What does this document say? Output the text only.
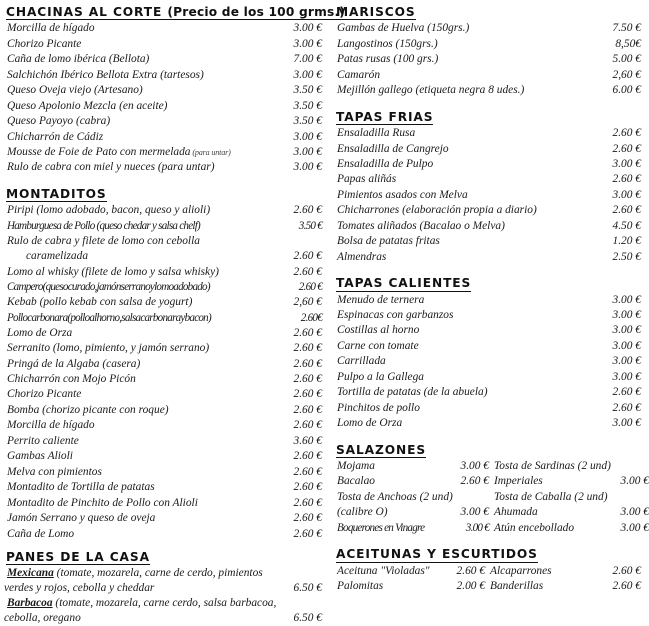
CHACINAS AL CORTE (Precio de los 100 grms.)
Morcilla de hígado	3.00 €
Chorizo Picante	3.00 €
Caña de lomo ibérica (Bellota)	7.00 €
Salchichón Ibérico Bellota Extra (tartesos)	3.00 €
Queso Oveja viejo (Artesano)	3.50 €
Queso Apolonio Mezcla (en aceite)	3.50 €
Queso Payoyo (cabra)	3.50 €
Chicharrón de Cádiz	3.00 €
Mousse de Foie de Pato con mermelada (para untar)	3.00 €
Rulo de cabra con miel y nueces (para untar)	3.00 €
MONTADITOS
Piripi (lomo adobado, bacon, queso y alioli)	2.60 €
Hamburguesa de Pollo (queso chedar y salsa chelf)	3.50 €
Rulo de cabra y filete de lomo con cebolla
caramelizada	2.60 €
Lomo al whisky (filete de lomo y salsa whisky)	2.60 €
Campero(quesocurado,jamónserranoylomoadobado)	2.60 €
Kebab (pollo kebab con salsa de yogurt)	2,60 €
Pollocarbonara(polloalhorno,salsacarbonaraybacon)	2.60€
Lomo de Orza	2.60 €
Serranito (lomo, pimiento, y jamón serrano)	2.60 €
Pringá de la Algaba (casera)	2.60 €
Chicharrón con Mojo Picón	2.60 €
Chorizo Picante	2.60 €
Bomba (chorizo picante con roque)	2.60 €
Morcilla de hígado	2.60 €
Perrito caliente	3.60 €
Gambas Alioli	2.60 €
Melva con pimientos	2.60 €
Montadito de Tortilla de patatas	2.60 €
Montadito de Pinchito de Pollo con Alioli	2.60 €
Jamón Serrano y queso de oveja	2.60 €
Caña de Lomo	2.60 €
PANES DE LA CASA
Mexicana (tomate, mozarela, carne de cerdo, pimientos
verdes y rojos, cebolla y cheddar	6.50 €
Barbacoa (tomate, mozarela, carne cerdo, salsa barbacoa,
cebolla, oregano	6.50 €
MARISCOS
Gambas de Huelva (150grs.)	7.50 €
Langostinos (150grs.)	8,50€
Patas rusas (100 grs.)	5.00 €
Camarón	2,60 €
Mejillón gallego (etiqueta negra 8 udes.)	6.00 €
TAPAS FRIAS
Ensaladilla Rusa	2.60 €
Ensaladilla de Cangrejo	2.60 €
Ensaladilla de Pulpo	3.00 €
Papas aliñás	2.60 €
Pimientos asados con Melva	3.00 €
Chicharrones (elaboración propia a diario)	2.60 €
Tomates aliñados (Bacalao o Melva)	4.50 €
Bolsa de patatas fritas	1.20 €
Almendras	2.50 €
TAPAS CALIENTES
Menudo de ternera	3.00 €
Espinacas con garbanzos	3.00 €
Costillas al horno	3.00 €
Carne con tomate	3.00 €
Carrillada	3.00 €
Pulpo a la Gallega	3.00 €
Tortilla de patatas (de la abuela)	2.60 €
Pinchitos de pollo	2.60 €
Lomo de Orza	3.00 €
SALAZONES
Mojama	3.00 €
Bacalao	2.60 €
Tosta de Anchoas (2 und)
(calibre O)	3.00 €
Boquerones en Vinagre	3.00 €
Tosta de Sardinas (2 und)
Imperiales	3.00 €
Tosta de Caballa (2 und)
Ahumada	3.00 €
Atún encebollado	3.00 €
ACEITUNAS Y ESCURTIDOS
Aceituna "Violadas"	2.60 €
Palomitas	2.00 €
Alcaparrones	2.60 €
Banderillas	2.60 €
